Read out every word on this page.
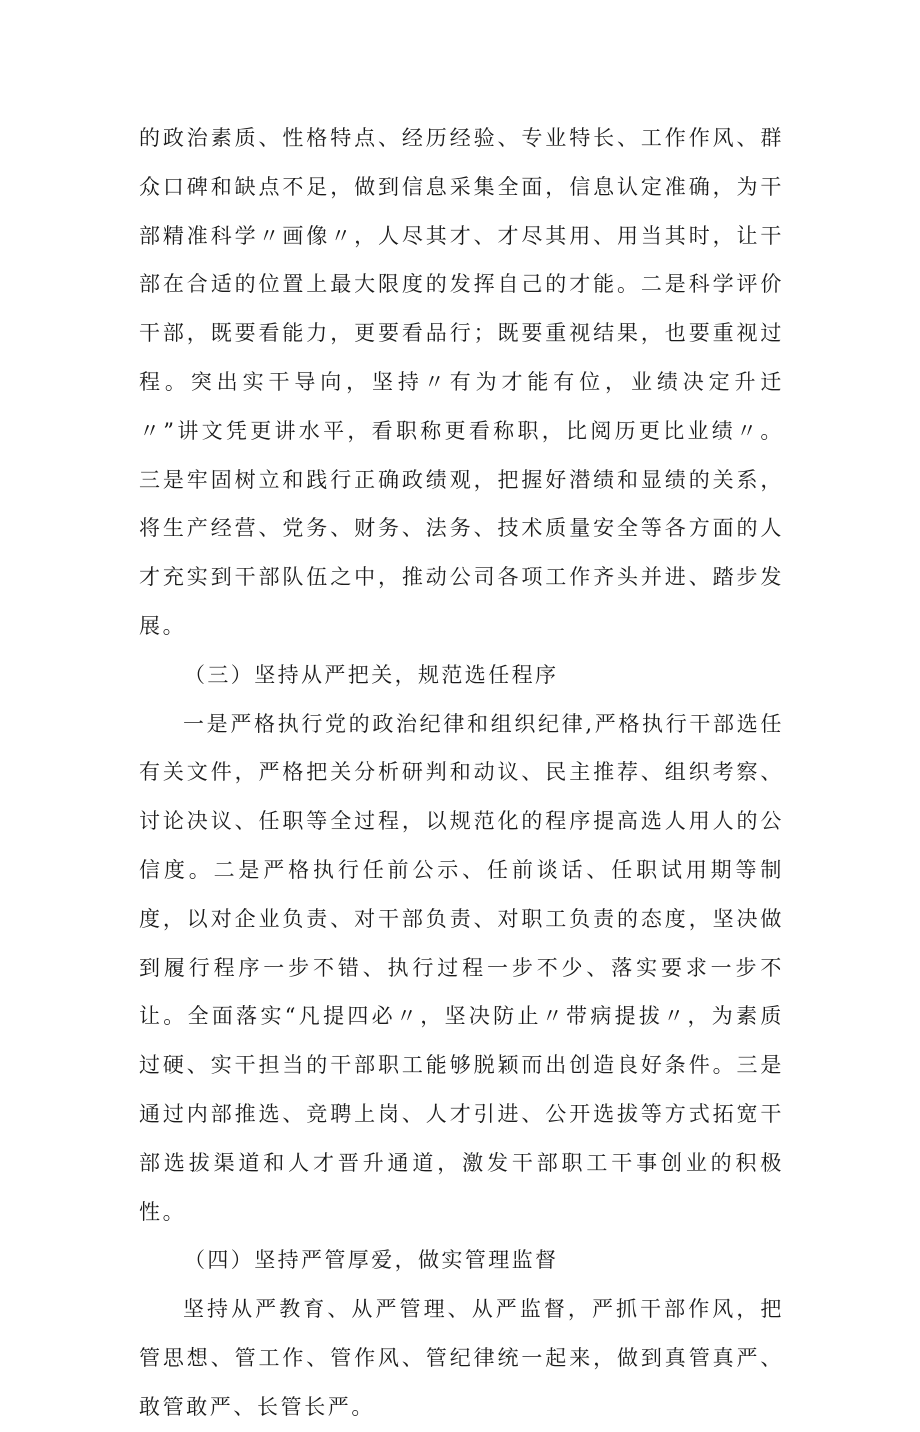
的政治素质、性格特点、经历经验、专业特长、工作作风、群众口碑和缺点不足，做到信息采集全面，信息认定准确，为干部精准科学〃画像〃，人尽其才、才尽其用、用当其时，让干部在合适的位置上最大限度的发挥自己的才能。二是科学评价干部，既要看能力，更要看品行；既要重视结果，也要重视过程。突出实干导向，坚持〃有为才能有位，业绩决定升迁〃”讲文凭更讲水平，看职称更看称职，比阅历更比业绩〃。三是牢固树立和践行正确政绩观，把握好潜绩和显绩的关系，将生产经营、党务、财务、法务、技术质量安全等各方面的人才充实到干部队伍之中，推动公司各项工作齐头并进、踏步发展。

（三）坚持从严把关，规范选任程序

一是严格执行党的政治纪律和组织纪律,严格执行干部选任有关文件，严格把关分析研判和动议、民主推荐、组织考察、讨论决议、任职等全过程，以规范化的程序提高选人用人的公信度。二是严格执行任前公示、任前谈话、任职试用期等制度，以对企业负责、对干部负责、对职工负责的态度，坚决做到履行程序一步不错、执行过程一步不少、落实要求一步不让。全面落实“凡提四必〃，坚决防止〃带病提拔〃，为素质过硬、实干担当的干部职工能够脱颖而出创造良好条件。三是通过内部推选、竞聘上岗、人才引进、公开选拔等方式拓宽干部选拔渠道和人才晋升通道，激发干部职工干事创业的积极性。

（四）坚持严管厚爱，做实管理监督

坚持从严教育、从严管理、从严监督，严抓干部作风，把管思想、管工作、管作风、管纪律统一起来，做到真管真严、敢管敢严、长管长严。
